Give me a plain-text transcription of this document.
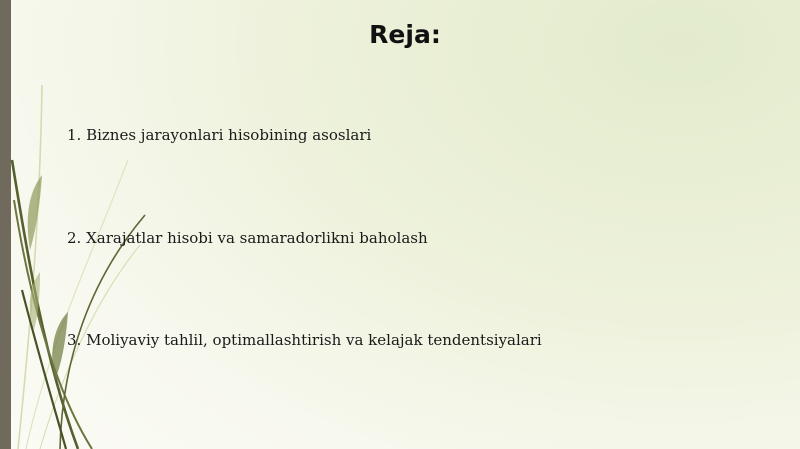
Reja:
1. Biznes jarayonlari hisobining asoslari
2. Xarajatlar hisobi va samaradorlikni baholash
3. Moliyaviy tahlil, optimallashtirish va kelajak tendentsiyalari
